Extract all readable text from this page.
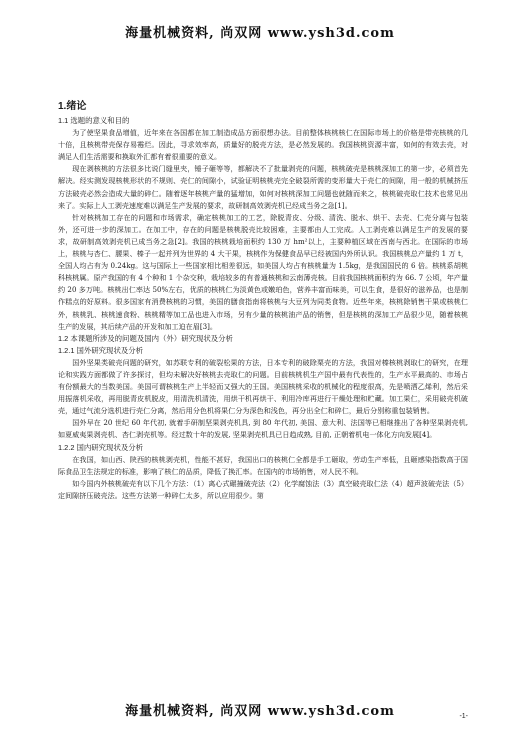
海量机械资料, 尚双网 www.ysh3d.com
1.绪论
1.1 选题的意义和目的

为了使坚果食品增值，近年来在各国都在加工制造成品方面很想办法。目前整体核桃核仁在国际市场上的价格是带壳核桃的几十倍，且核桃带壳保存易霉烂。因此，寻求效率高，质量好的脱壳方法，是必然发展的。我国核桃资源丰富，如何的有效去壳，对满足人们生活需要和换取外汇都有着很重要的意义。

现在剥核桃的方法很多比说门缝里夹，锤子砸等等，都解决不了批量剥壳的问题，核桃破壳是核桃深加工的第一步，必须首先解决。经实测发现核桃形状的不规则、壳仁的间隙小，试验证明核桃壳完全破裂所需的变形量大于壳仁的间隙，用一般的机械挤压方法破壳必然会造成大量的碎仁。随着逐年核桃产量的猛增加，如何对核桃深加工问题也就随而来之，核桃破壳取仁技术也常见出来了。实际上人工剥壳速度难以满足生产发展的要求，故研制高效剥壳机已经成当务之急[1]。

针对核桃加工存在的问题和市场需求，确定核桃加工的工艺，除脱青皮、分级、清洗、脱水、烘干、去壳、仁壳分离与包装外，还可进一步的深加工。在加工中，存在的问题是核桃脱壳比较困难，主要都由人工完成。人工剥壳难以满足生产的发展的要求，故研制高效剥壳机已成当务之急[2]。我国的核桃栽培面积约 130 万 hm²以上，主要种植区域在西南与西北。在国际的市场上，核桃与杏仁、腰果、榛子一起并列为世界的 4 大干果，核桃作为保健食品早已经被国内外所认识。我国核桃总产量约 1 万 t，全国人均占有为 0.24kg。这与国际上一些国家相比相差很远，如美国人均占有核桃量为 1.5kg，是我国国民的 6 倍。核桃系胡桃科核桃属。原产我国的有 4 个种和 1 个杂交种，栽培较多的有普通核桃和云南薄壳核。目前我国核桃面积约为 66. 7 公顷，年产量约 20 多万吨。核桃出仁率达 50%左右，优质的核桃仁为淡黄色或嫩珀色，营养丰富而味美，可以生食，是很好的滋养品，也是制作糕点的好原料。很多国家有消费核桃的习惯，美国的膳食指南将核桃与大豆列为同类食物。近些年来，核桃除销售干果或核桃仁外，核桃乳、核桃速食粉、核桃精等加工品也进入市场，另有少量的核桃油产品的销售，但是核桃的深加工产品很少见，随着核桃生产的发展，其后续产品的开发和加工迫在眉[3]。

1.2 本课题所涉及的问题及国内（外）研究现状及分析
1.2.1 国外研究现状及分析

国外坚果类破壳问题的研究，如苏联专利的破裂松果的方法，日本专利的破除栗壳的方法，我国对榛核桃剥取仁的研究，在理论和实践方面都做了许多探讨，但均未解决好核桃去壳取仁的问题。目前核桃机生产国中最有代表性的，生产水平最高的、市场占有份额最大的当数美国。美国可谓核桃生产上半轻而又强大的王国。美国核桃采收的机械化的程度很高，先是喷洒乙烯利，然后采用振落机采收，再用脱青皮机脱皮，用清洗机清洗，用烘干机再烘干、利用冷库再进行干燥处理和贮藏。加工果仁，采用破壳机破壳，通过气流分选机进行壳仁分离，然后用分色机将果仁分为深色和浅色，再分出全仁和碎仁，最后分别称重包装销售。

国外早在 20 世纪 60 年代初, 就着手研制坚果剥壳机具, 到 80 年代初, 美国、意大利、法国等已相继推出了各种坚果剥壳机, 如夏威夷果剥壳机、杏仁剥壳机等。经过数十年的发展, 坚果剥壳机具已日趋成熟, 目前, 正朝着机电一体化方向发展[4]。

1.2.2 国内研究现状及分析

在我国，如山西、陕西的核桃剥壳机，性能不甚好，我国出口的核桃仁全都是手工砸取，劳动生产率低，且砸感染指数高于国际食品卫生法规定的标准，影响了核仁的品质，降低了换汇率。在国内的市场销售，对人民不利。

如今国内外核桃破壳有以下几个方法：（1）离心式碾撞破壳法（2）化学腐蚀法（3）真空破壳取仁法（4）超声波破壳法（5）定间隙挤压破壳法。这些方法第一种碎仁太多，所以应用很少。第

-1-
海量机械资料, 尚双网 www.ysh3d.com
